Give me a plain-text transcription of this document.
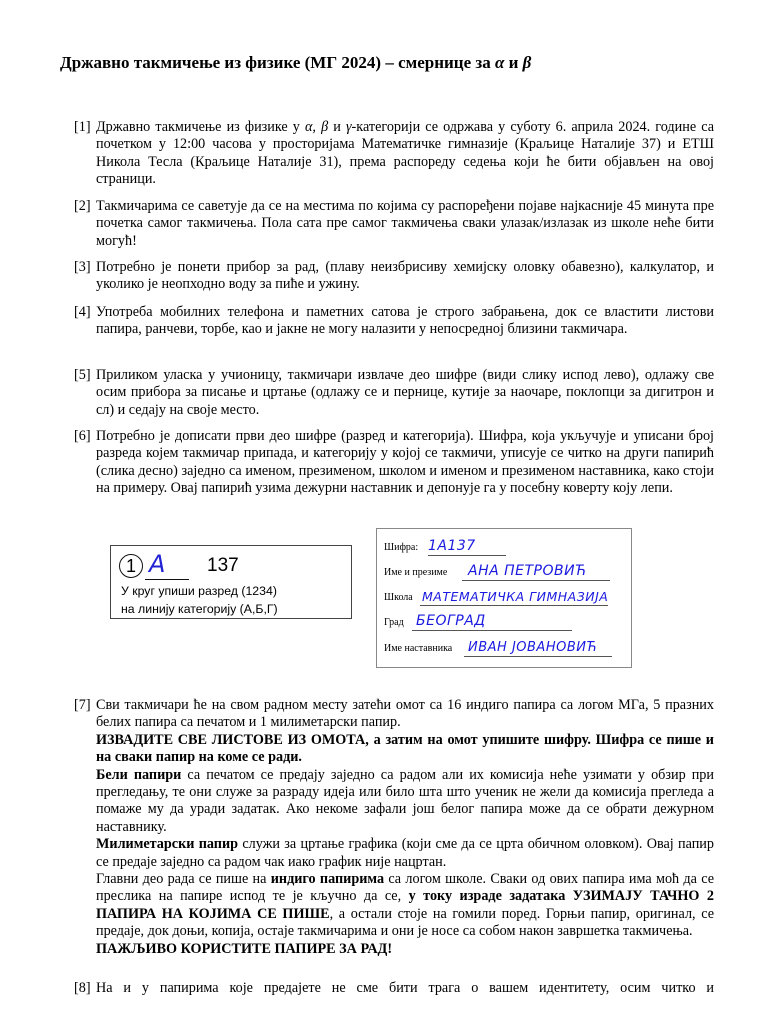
Државно такмичење из физике (МГ 2024) – смернице за α и β
[1] Државно такмичење из физике у α, β и γ-категорији се одржава у суботу 6. априла 2024. године са почетком у 12:00 часова у просторијама Математичке гимназије (Краљице Наталије 37) и ЕТШ Никола Тесла (Краљице Наталије 31), према распореду седења који ће бити објављен на овој страници.
[2] Такмичарима се саветује да се на местима по којима су распоређени појаве најкасније 45 минута пре почетка самог такмичења. Пола сата пре самог такмичења сваки улазак/излазак из школе неће бити могућ!
[3] Потребно је понети прибор за рад, (плаву неизбрисиву хемијску оловку обавезно), калкулатор, и уколико је неопходно воду за пиће и ужину.
[4] Употреба мобилних телефона и паметних сатова је строго забрањена, док се властити листови папира, ранчеви, торбе, као и јакне не могу налазити у непосредној близини такмичара.
[5] Приликом уласка у учионицу, такмичари извлаче део шифре (види слику испод лево), одлажу све осим прибора за писање и цртање (одлажу се и пернице, кутије за наочаре, поклопци за дигитрон и сл) и седају на своје место.
[6] Потребно је дописати први део шифре (разред и категорија). Шифра, која укључује и уписани број разреда којем такмичар припада, и категорију у којој се такмичи, уписује се читко на други папирић (слика десно) заједно са именом, презименом, школом и именом и презименом наставника, како стоји на примеру. Овај папирић узима дежурни наставник и депонује га у посебну коверту коју лепи.
1 А 137
У круг упиши разред (1234)
на линију категорију (А,Б,Г)
Шифра: 1А137
Име и презиме АНА ПЕТРОВИЋ
Школа МАТЕМАТИЧКА ГИМНАЗИЈА
Град БЕОГРАД
Име наставника ИВАН ЈОВАНОВИЋ
[7] Сви такмичари ће на свом радном месту затећи омот са 16 индиго папира са логом МГа, 5 празних белих папира са печатом и 1 милиметарски папир.

ИЗВАДИТЕ СВЕ ЛИСТОВЕ ИЗ ОМОТА, а затим на омот упишите шифру. Шифра се пише и на сваки папир на коме се ради.

Бели папири са печатом се предају заједно са радом али их комисија неће узимати у обзир при прегледању, те они служе за разраду идеја или било шта што ученик не жели да комисија прегледа а помаже му да уради задатак. Ако некоме зафали још белог папира може да се обрати дежурном наставнику.

Милиметарски папир служи за цртање графика (који сме да се црта обичном оловком). Овај папир се предаје заједно са радом чак иако график није нацртан.

Главни део рада се пише на индиго папирима са логом школе. Сваки од ових папира има моћ да се преслика на папире испод те је кључно да се, у току израде задатака УЗИМАЈУ ТАЧНО 2 ПАПИРА НА КОЈИМА СЕ ПИШЕ, а остали стоје на гомили поред. Горњи папир, оригинал, се предаје, док доњи, копија, остаје такмичарима и они је носе са собом након завршетка такмичења.

ПАЖЉИВО КОРИСТИТЕ ПАПИРЕ ЗА РАД!

[8] На и у папирима које предајете не сме бити трага о вашем идентитету, осим читко и
